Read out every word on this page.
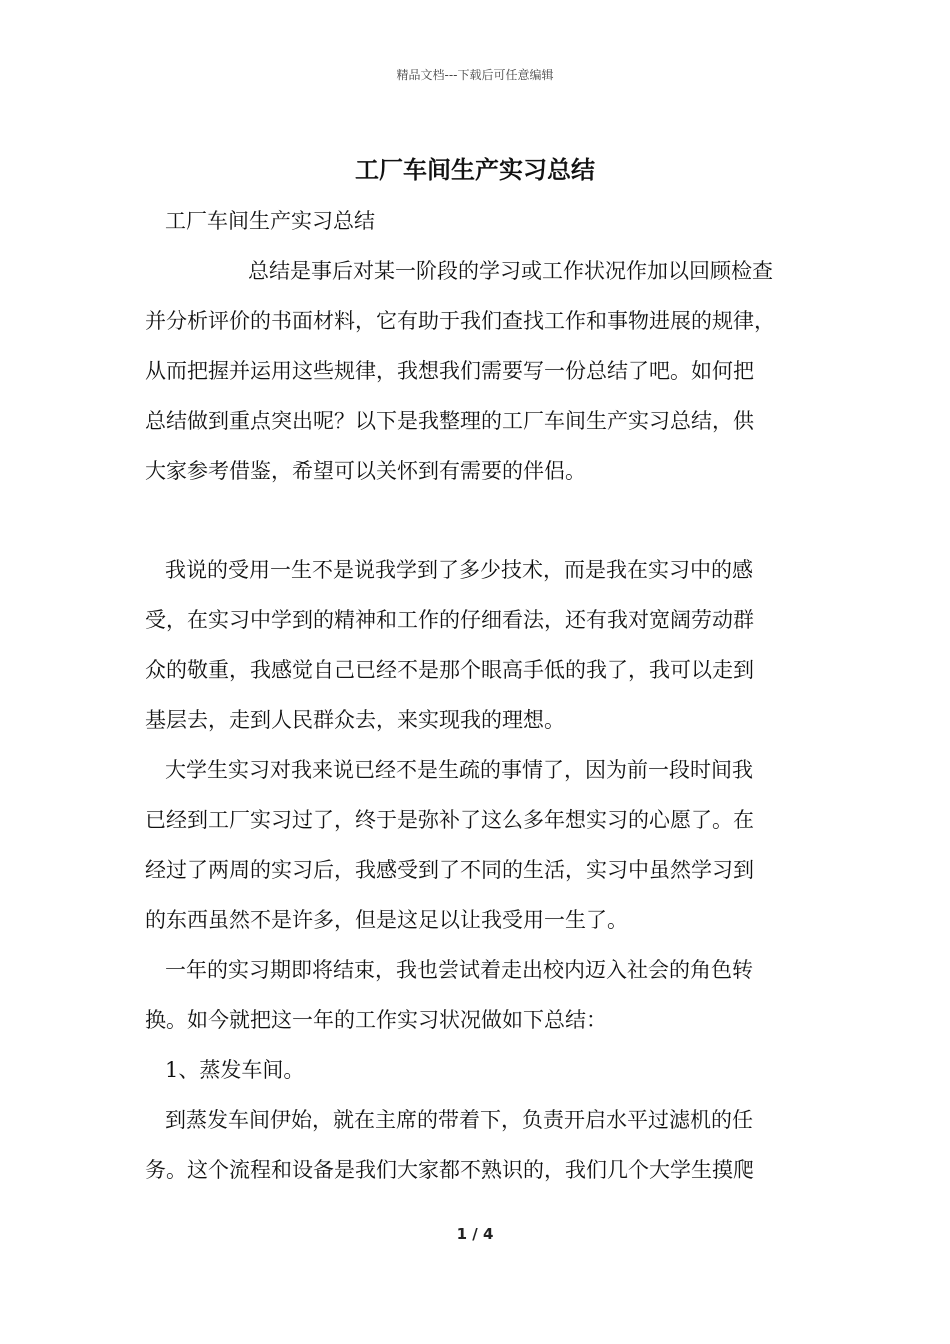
精品文档---下载后可任意编辑
工厂车间生产实习总结
工厂车间生产实习总结
总结是事后对某一阶段的学习或工作状况作加以回顾检查
并分析评价的书面材料，它有助于我们查找工作和事物进展的规律，
从而把握并运用这些规律，我想我们需要写一份总结了吧。如何把
总结做到重点突出呢？以下是我整理的工厂车间生产实习总结，供
大家参考借鉴，希望可以关怀到有需要的伴侣。
我说的受用一生不是说我学到了多少技术，而是我在实习中的感
受，在实习中学到的精神和工作的仔细看法，还有我对宽阔劳动群
众的敬重，我感觉自己已经不是那个眼高手低的我了，我可以走到
基层去，走到人民群众去，来实现我的理想。
大学生实习对我来说已经不是生疏的事情了，因为前一段时间我
已经到工厂实习过了，终于是弥补了这么多年想实习的心愿了。在
经过了两周的实习后，我感受到了不同的生活，实习中虽然学习到
的东西虽然不是许多，但是这足以让我受用一生了。
一年的实习期即将结束，我也尝试着走出校内迈入社会的角色转
换。如今就把这一年的工作实习状况做如下总结：
1、蒸发车间。
到蒸发车间伊始，就在主席的带着下，负责开启水平过滤机的任
务。这个流程和设备是我们大家都不熟识的，我们几个大学生摸爬
1 / 4
